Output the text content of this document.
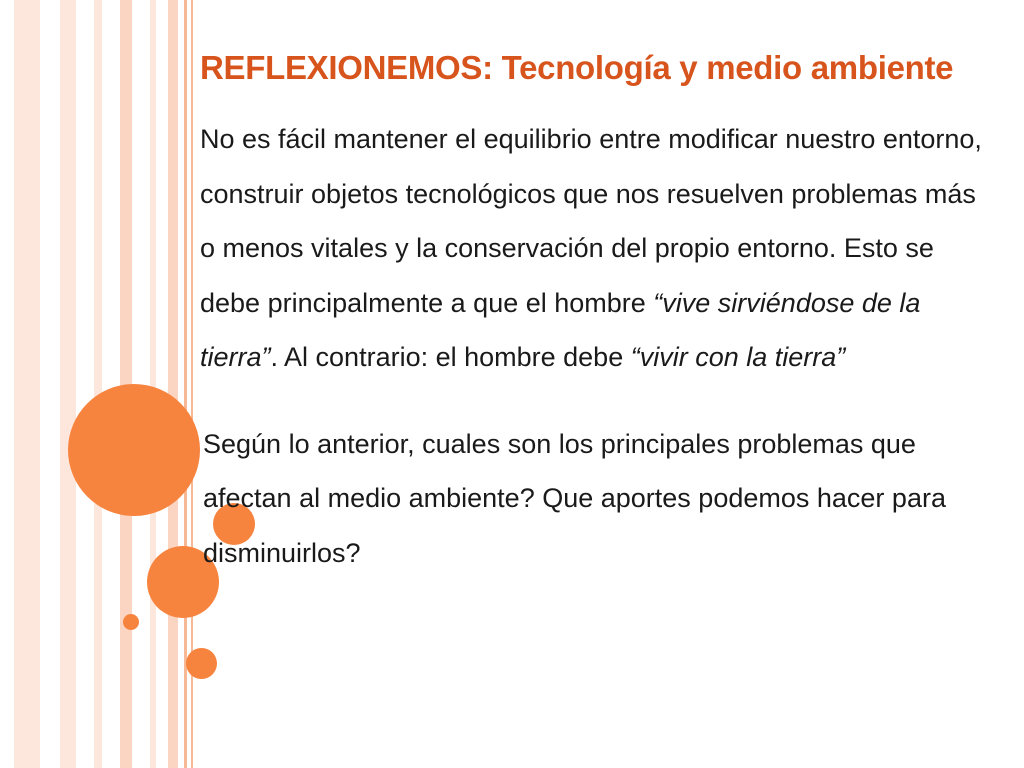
REFLEXIONEMOS: Tecnología y medio ambiente

No es fácil mantener el equilibrio entre modificar nuestro entorno, construir objetos tecnológicos que nos resuelven problemas más o menos vitales y la conservación del propio entorno. Esto se debe principalmente a que el hombre “vive sirviéndose de la tierra”. Al contrario: el hombre debe “vivir con la tierra”

Según lo anterior, cuales son los principales problemas que afectan al medio ambiente? Que aportes podemos hacer para disminuirlos?
